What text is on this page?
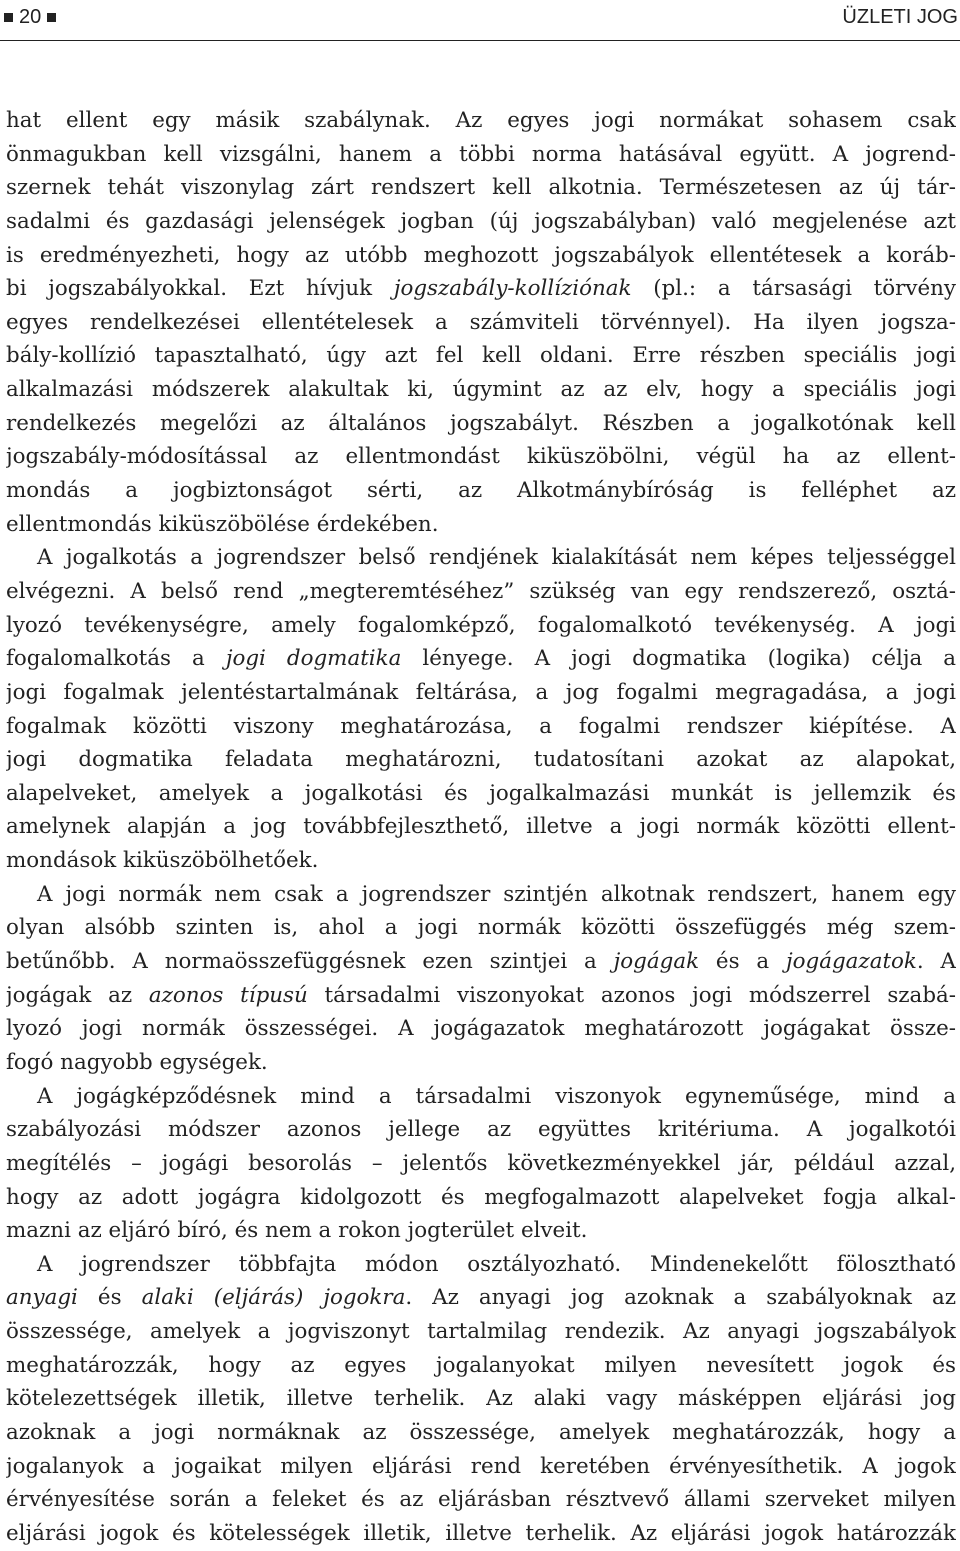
20	ÜZLETI JOG
hat ellent egy másik szabálynak. Az egyes jogi normákat sohasem csak
önmagukban kell vizsgálni, hanem a többi norma hatásával együtt. A jogrend-
szernek tehát viszonylag zárt rendszert kell alkotnia. Természetesen az új tár-
sadalmi és gazdasági jelenségek jogban (új jogszabályban) való megjelenése azt
is eredményezheti, hogy az utóbb meghozott jogszabályok ellentétesek a koráb-
bi jogszabályokkal. Ezt hívjuk jogszabály-kollíziónak (pl.: a társasági törvény
egyes rendelkezései ellentételesek a számviteli törvénnyel). Ha ilyen jogsza-
bály-kollízió tapasztalható, úgy azt fel kell oldani. Erre részben speciális jogi
alkalmazási módszerek alakultak ki, úgymint az az elv, hogy a speciális jogi
rendelkezés megelőzi az általános jogszabályt. Részben a jogalkotónak kell
jogszabály-módosítással az ellentmondást kiküszöbölni, végül ha az ellent-
mondás a jogbiztonságot sérti, az Alkotmánybíróság is felléphet az
ellentmondás kiküszöbölése érdekében.
A jogalkotás a jogrendszer belső rendjének kialakítását nem képes teljességgel
elvégezni. A belső rend „megteremtéséhez” szükség van egy rendszerező, osztá-
lyozó tevékenységre, amely fogalomképző, fogalomalkotó tevékenység. A jogi
fogalomalkotás a jogi dogmatika lényege. A jogi dogmatika (logika) célja a
jogi fogalmak jelentéstartalmának feltárása, a jog fogalmi megragadása, a jogi
fogalmak közötti viszony meghatározása, a fogalmi rendszer kiépítése. A
jogi dogmatika feladata meghatározni, tudatosítani azokat az alapokat,
alapelveket, amelyek a jogalkotási és jogalkalmazási munkát is jellemzik és
amelynek alapján a jog továbbfejleszthető, illetve a jogi normák közötti ellent-
mondások kiküszöbölhetőek.
A jogi normák nem csak a jogrendszer szintjén alkotnak rendszert, hanem egy
olyan alsóbb szinten is, ahol a jogi normák közötti összefüggés még szem-
betűnőbb. A normaösszefüggésnek ezen szintjei a jogágak és a jogágazatok. A
jogágak az azonos típusú társadalmi viszonyokat azonos jogi módszerrel szabá-
lyozó jogi normák összességei. A jogágazatok meghatározott jogágakat össze-
fogó nagyobb egységek.
A jogágképződésnek mind a társadalmi viszonyok egyneműsége, mind a
szabályozási módszer azonos jellege az együttes kritériuma. A jogalkotói
megítélés – jogági besorolás – jelentős következményekkel jár, például azzal,
hogy az adott jogágra kidolgozott és megfogalmazott alapelveket fogja alkal-
mazni az eljáró bíró, és nem a rokon jogterület elveit.
A jogrendszer többfajta módon osztályozható. Mindenekelőtt fölosztható
anyagi és alaki (eljárás) jogokra. Az anyagi jog azoknak a szabályoknak az
összessége, amelyek a jogviszonyt tartalmilag rendezik. Az anyagi jogszabályok
meghatározzák, hogy az egyes jogalanyokat milyen nevesített jogok és
kötelezettségek illetik, illetve terhelik. Az alaki vagy másképpen eljárási jog
azoknak a jogi normáknak az összessége, amelyek meghatározzák, hogy a
jogalanyok a jogaikat milyen eljárási rend keretében érvényesíthetik. A jogok
érvényesítése során a feleket és az eljárásban résztvevő állami szerveket milyen
eljárási jogok és kötelességek illetik, illetve terhelik. Az eljárási jogok határozzák
